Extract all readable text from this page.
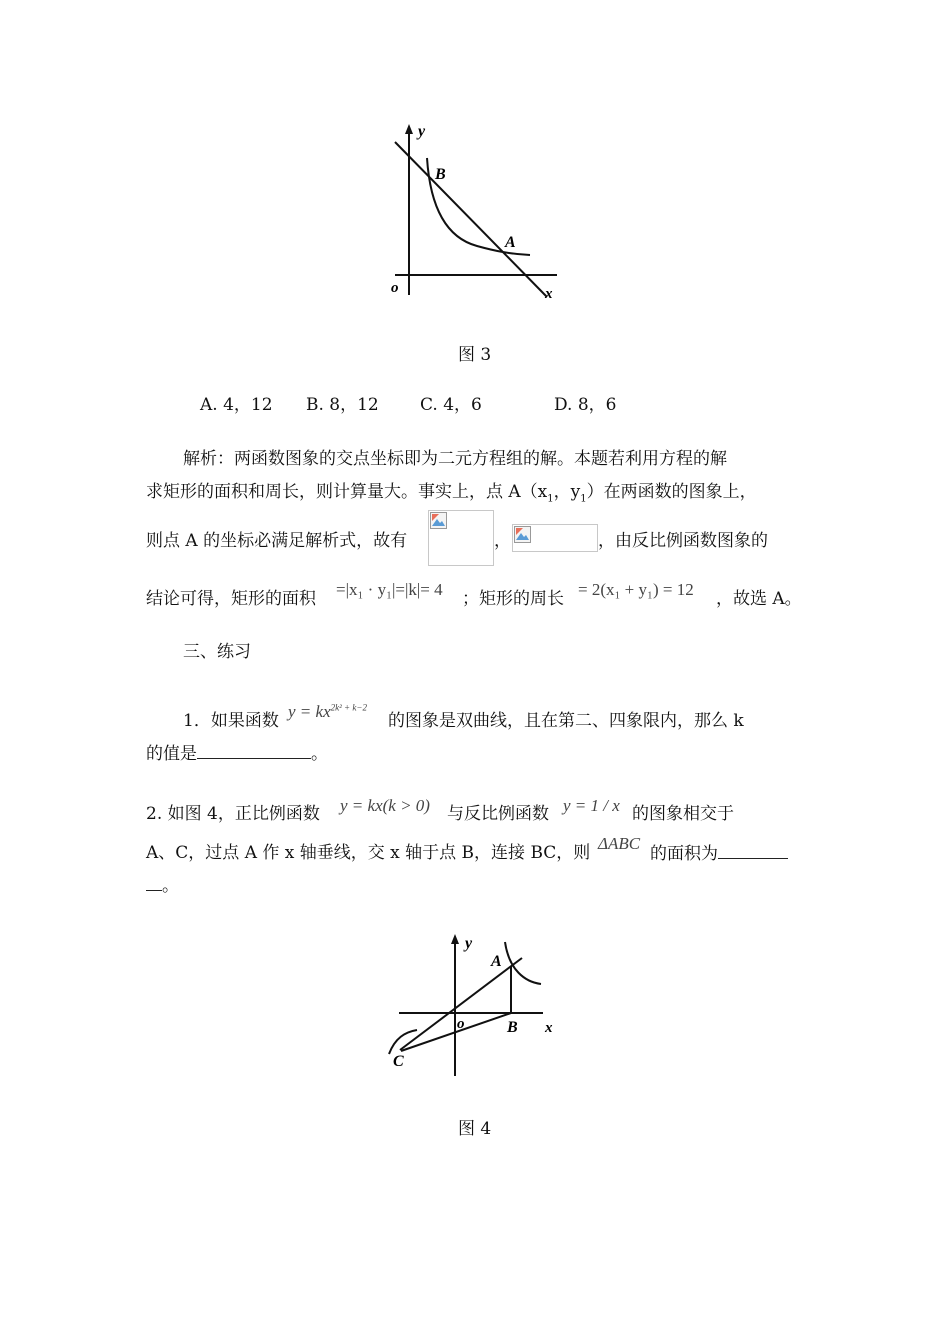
y
B
A
o	x
图 3
A. 4，12 B. 8，12 C. 4，6	D. 8，6
解析：两函数图象的交点坐标即为二元方程组的解。本题若利用方程的解
求矩形的面积和周长，则计算量大。事实上，点 $A(x_1$，$y_1$）在两函数的图象上，
则点 A 的坐标必满足解析式，故有	，	，由反比例函数图象的
结论可得，矩形的面积 =|x₁ · y₁|=|k|= 4 ；矩形的周长 = 2(x₁ + y₁) = 12 ，故选 A。
三、练习
1．如果函数 $y = kx^{2k^2 + k-2}$
的图象是双曲线，且在第二、四象限内，那么 k
的值是	。
2. 如图 4，正比例函数 y = kx(k > 0) 与反比例函数 y = 1 / x 的图象相交于
A、C，过点 A 作 x 轴垂线，交 x 轴于点 B，连接 BC，则 ΔABC
的面积为
。
y
A
o	B x
C
图 4
